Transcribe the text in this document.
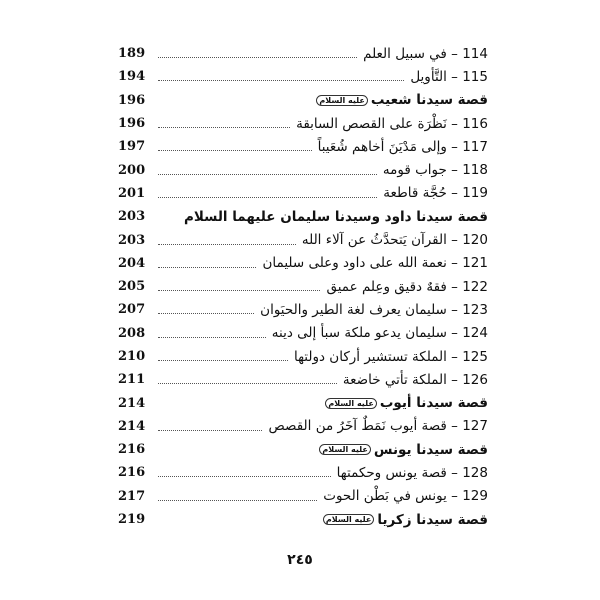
189	114 – في سبيل العلم
194	115 – التَّأويل
196	قصة سيدنا شعيبعليه السلام
196	116 – نَظْرَة على القصص السابقة
197	117 – وإلى مَدْيَنَ أخاهم شُعَيباً
200	118 – جواب قومه
201	119 – حُجَّة قاطعة
203	قصة سيدنا داود وسيدنا سليمان عليهما السلام
203	120 – القرآن يَتحدَّثُ عن آلاء الله
204	121 – نعمة الله على داود وعلى سليمان
205	122 – فقهٌ دقيق وعِلم عميق
207	123 – سليمان يعرف لغة الطير والحيَوان
208	124 – سليمان يدعو ملكة سبأ إلى دينه
210	125 – الملكة تستشير أركان دولتها
211	126 – الملكة تأتي خاضعة
214	قصة سيدنا أيوبعليه السلام
214	127 – قصة أيوب نَمَطٌ آخَرُ من القصص
216	قصة سيدنا يونسعليه السلام
216	128 – قصة يونس وحكمتها
217	129 – يونس في بَطْن الحوت
219	قصة سيدنا زكرياعليه السلام
٢٤٥
